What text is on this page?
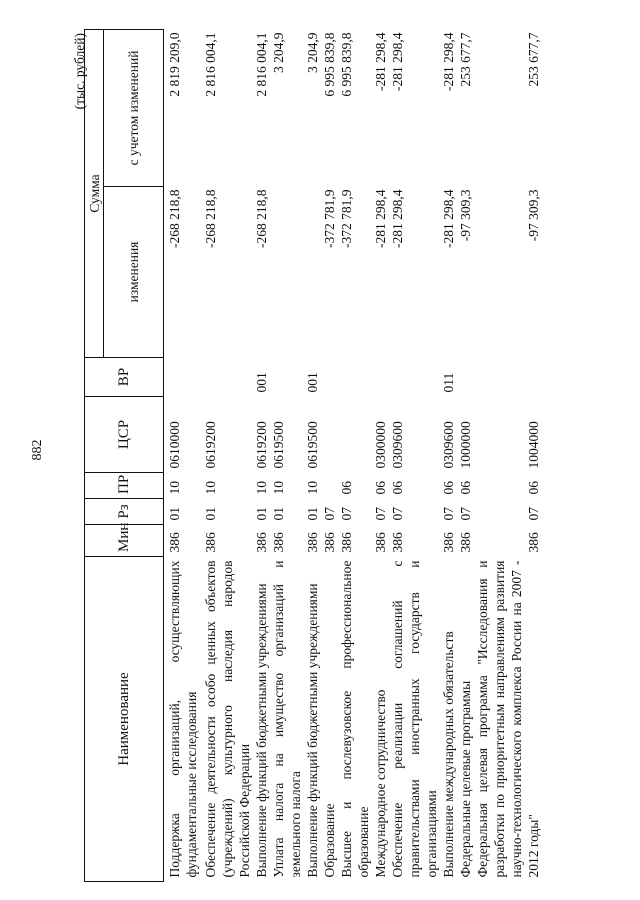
882
(тыс. рублей)
Наименование	Мин	Рз	ПР	ЦСР	ВР	Сумма	
						изменения	с учетом изменений
Поддержка организаций, осуществляющих фундаментальные исследования	386	01	10	0610000		-268 218,8	2 819 209,0
Обеспечение деятельности особо ценных объектов (учреждений) культурного наследия народов Российской Федерации	386	01	10	0619200		-268 218,8	2 816 004,1
Выполнение функций бюджетными учреждениями	386	01	10	0619200	001	-268 218,8	2 816 004,1
Уплата налога на имущество организаций и земельного налога	386	01	10	0619500			3 204,9
Выполнение функций бюджетными учреждениями	386	01	10	0619500	001		3 204,9
Образование	386	07				-372 781,9	6 995 839,8
Высшее и послевузовское профессиональное образование	386	07	06			-372 781,9	6 995 839,8
Международное сотрудничество	386	07	06	0300000		-281 298,4	-281 298,4
Обеспечение реализации соглашений с правительствами иностранных государств и организациями	386	07	06	0309600		-281 298,4	-281 298,4
Выполнение международных обязательств	386	07	06	0309600	011	-281 298,4	-281 298,4
Федеральные целевые программы	386	07	06	1000000		-97 309,3	253 677,7
Федеральная целевая программа "Исследования и разработки по приоритетным направлениям развития научно-технологического комплекса России на 2007 - 2012 годы"	386	07	06	1004000		-97 309,3	253 677,7
